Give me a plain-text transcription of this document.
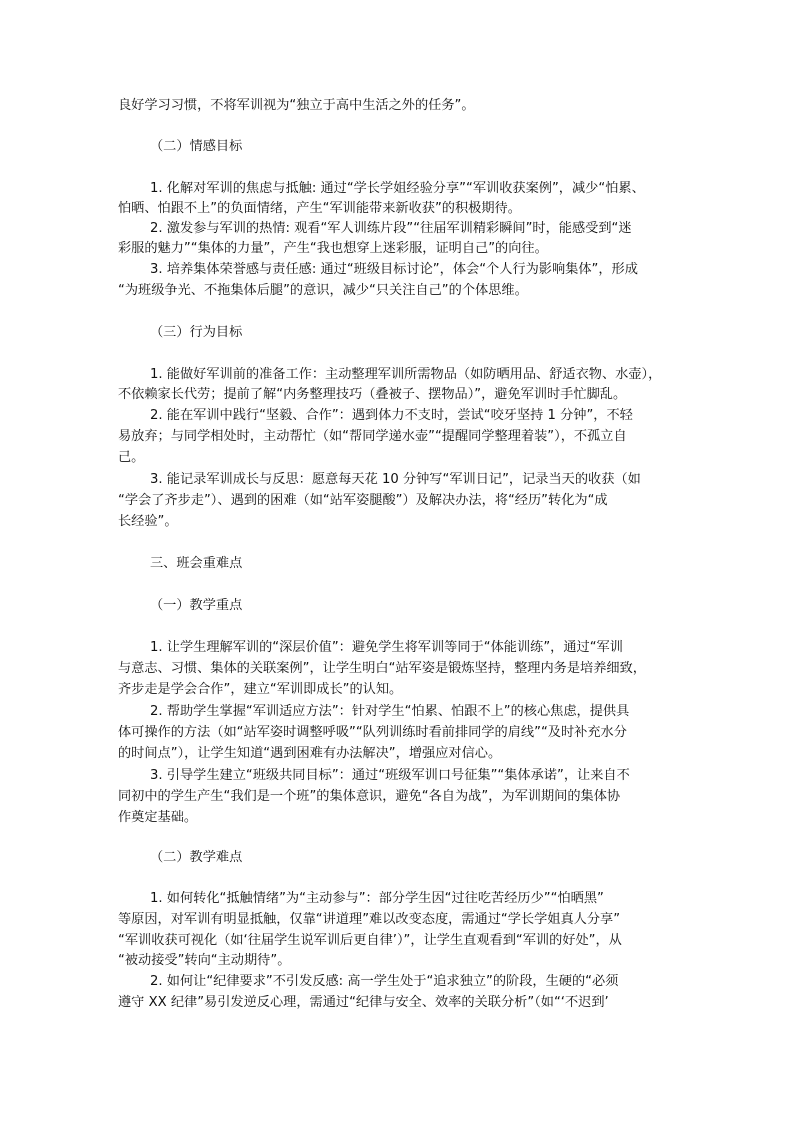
良好学习习惯，不将军训视为“独立于高中生活之外的任务”。
（二）情感目标
1. 化解对军训的焦虑与抵触: 通过“学长学姐经验分享”“军训收获案例”，减少“怕累、
怕晒、怕跟不上”的负面情绪，产生“军训能带来新收获”的积极期待。
2. 激发参与军训的热情: 观看“军人训练片段”“往届军训精彩瞬间”时，能感受到“迷
彩服的魅力”“集体的力量”，产生“我也想穿上迷彩服，证明自己”的向往。
3. 培养集体荣誉感与责任感: 通过“班级目标讨论”，体会“个人行为影响集体”，形成
“为班级争光、不拖集体后腿”的意识，减少“只关注自己”的个体思维。
（三）行为目标
1. 能做好军训前的准备工作：主动整理军训所需物品（如防晒用品、舒适衣物、水壶），
不依赖家长代劳；提前了解“内务整理技巧（叠被子、摆物品）”，避免军训时手忙脚乱。
2. 能在军训中践行“坚毅、合作”：遇到体力不支时，尝试“咬牙坚持 1 分钟”，不轻
易放弃；与同学相处时，主动帮忙（如“帮同学递水壶”“提醒同学整理着装”），不孤立自
己。
3. 能记录军训成长与反思：愿意每天花 10 分钟写“军训日记”，记录当天的收获（如
“学会了齐步走”）、遇到的困难（如“站军姿腿酸”）及解决办法，将“经历”转化为“成
长经验”。
三、班会重难点
（一）教学重点
1. 让学生理解军训的“深层价值”：避免学生将军训等同于“体能训练”，通过“军训
与意志、习惯、集体的关联案例”，让学生明白“站军姿是锻炼坚持，整理内务是培养细致，
齐步走是学会合作”，建立“军训即成长”的认知。
2. 帮助学生掌握“军训适应方法”：针对学生“怕累、怕跟不上”的核心焦虑，提供具
体可操作的方法（如“站军姿时调整呼吸”“队列训练时看前排同学的肩线”“及时补充水分
的时间点”），让学生知道“遇到困难有办法解决”，增强应对信心。
3. 引导学生建立“班级共同目标”：通过“班级军训口号征集”“集体承诺”，让来自不
同初中的学生产生“我们是一个班”的集体意识，避免“各自为战”，为军训期间的集体协
作奠定基础。
（二）教学难点
1. 如何转化“抵触情绪”为“主动参与”：部分学生因“过往吃苦经历少”“怕晒黑”
等原因，对军训有明显抵触，仅靠“讲道理”难以改变态度，需通过“学长学姐真人分享”
“军训收获可视化（如‘往届学生说军训后更自律’）”，让学生直观看到“军训的好处”，从
“被动接受”转向“主动期待”。
2. 如何让“纪律要求”不引发反感: 高一学生处于“追求独立”的阶段，生硬的“必须
遵守 XX 纪律”易引发逆反心理，需通过“纪律与安全、效率的关联分析”（如“‘不迟到’
